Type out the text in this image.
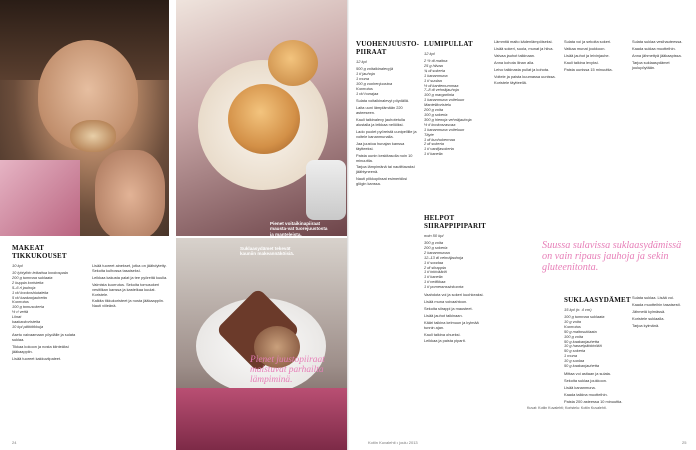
Pienet voitaikinapiiraat mausta-vat tuorejuustosta ja manteleista.
Suklaasydämet tekevät kauniin makeannäköisiä.
MAKEAT TIKKUKOUSET
10 kpl
10 lyhtyihin leikattua kookospala
200 g tummaa suklaata
2 kuppia koristeita
5–6 rl jauhoja
1 rkl kookoshiutaleita
5 rkl kaakaojauhetta
Kuorrutus
100 g tomusokeria
½ rl vettä
Liinat
kaakaokoristeita
10 kpl piikkitikkuja

Asetu vaivaamaan pöydälle ja sulata suklaa.

Tikkaa kokoon ja nosta kiinteäksi jääkaappiin.

Lisää tuoreet kakkuviipaleet.

Lisää tuoreet ainekset, jotka on jäähdytetty. Sekoita kulhossa tasaiseksi.

Leikkaa kakusta palat ja tee pyöreitä kuulia.

Valmista kuorrutus. Sekoita tomusokeri vesitilkan kanssa ja kastelkaa kuulat. Koristele.

Kalkita tikkukoristeet ja nosta jääkaappiin. Nauti viileänä.

24
VUOHENJUUSTO-PIIRAAT
12 kpl
500 g voitaikinalevyjä
1 tl jauhoja
1 muna
100 g vuohenjuustoa
Kuorrutus
1 rkl hunajaa

Sulata voitaikinalevyt pöydällä.

Laita uuni lämpiämään 220 asteeseen.

Kauli taikinalevy jauhotetulla alustalla ja leikkaa neliöiksi.

Lado puolet pyöreistä uunipellille ja voitele kananmunalla.

Jaa juustoa hunajan kanssa täytteeksi.

Paista uunin keskitasolla noin 10 minuuttia.

Tarjoa lämpimänä tai nautittavaksi jäähtyneenä.

Nauti piikkopiiraat esimerkiksi glögin kanssa.

LUMIPULLAT
12 kpl
2 ½ dl maitoa
25 g hiivaa
¾ dl sokeria
1 kananmuna
1 tl suolaa
½ dl kardemummaa
7–8 dl vehnäjauhoja
100 g margariinia
1 kananmuna voiteluun
Mantelikoristelu
200 g voita
100 g sokeria
300 g hienoja vehnäjauhoja
½ tl kookosrasvaa
1 kananmuna voiteluun
Täyte
1 dl kuohukermaa
2 dl sokeria
1 tl vaniljasokeria
1 tl kanelia
HELPOT SIIRAPPIPIPARIT
noin 50 kpl
300 g voita
200 g sokeria
2 kananmunaa
12–13 dl vehnäjauhoja
1 tl soodaa
2 dl siirappia
1 tl inkivääriä
1 tl kanelia
1 tl neilikkaa
1 tl pomeranssinkuorta

Vaahdota voi ja sokeri kuohkeaksi.

Lisää muna voivaahtoon.

Sekoita siirappi ja mausteet.

Lisää jauhot taikinaan.

Kääri taikina kelmuun ja kylmää tunnin ajan.

Kauli taikina ohueksi.

Leikkaa ja paista piparit.

Lämmitä maito kädenlämpöiseksi.

Lisää sokeri, suola, munat ja hiiva.

Vaivaa jauhot taikinaan.

Anna kohota liinan alla.

Leivo taikinasta pullat ja kohota.

Voitele ja paista kuumassa uunissa.

Koristele täytteellä.

Sulata voi ja sekoita sokeri.

Vatkaa munat joukkoon.

Lisää jauhot ja leivinjauhe.

Kauli taikina levyksi.

Paista uunissa 15 minuuttia.

Sulata suklaa vesihauteessa.

Kaada suklaa muotteihin.

Anna jähmettyä jääkaapissa.

Tarjoa suklaasydämet joulupöytään.

SUKLAASYDÄMET
15 kpl (n. 4 cm)
100 g tummaa suklaata
10 g voita
Kuorrutus
50 g maitosuklaata
100 g voita
50 g kaakaojauhetta
10 g hasselpähkinöitä
50 g sokeria
1 muna
10 g suolaa
50 g kaakaojauhetta

Mittaa voi astiaan ja sulata.

Sekoita suklaa joukkoon.

Lisää kananmuna.

Kaada taikina muotteihin.

Paista 200 asteessa 10 minuuttia.

Sulata suklaa. Lisää voi.

Kaada muotteihin tasaisesti.

Jähmetä kylmässä.

Koristele suklaalla.

Tarjoa kylmänä.

Kotiin Kuvalehti • joulu 2013	25
Pienet juustopiiraat maistuvat parhailta lämpiminä.
Suussa sulavissa suklaasydämissä on vain ripaus jauhoja ja sekin gluteenitonta.
Kuvat: Kotiin Kuvalehti; Koristelu: Kotiin Kuvalehti.
